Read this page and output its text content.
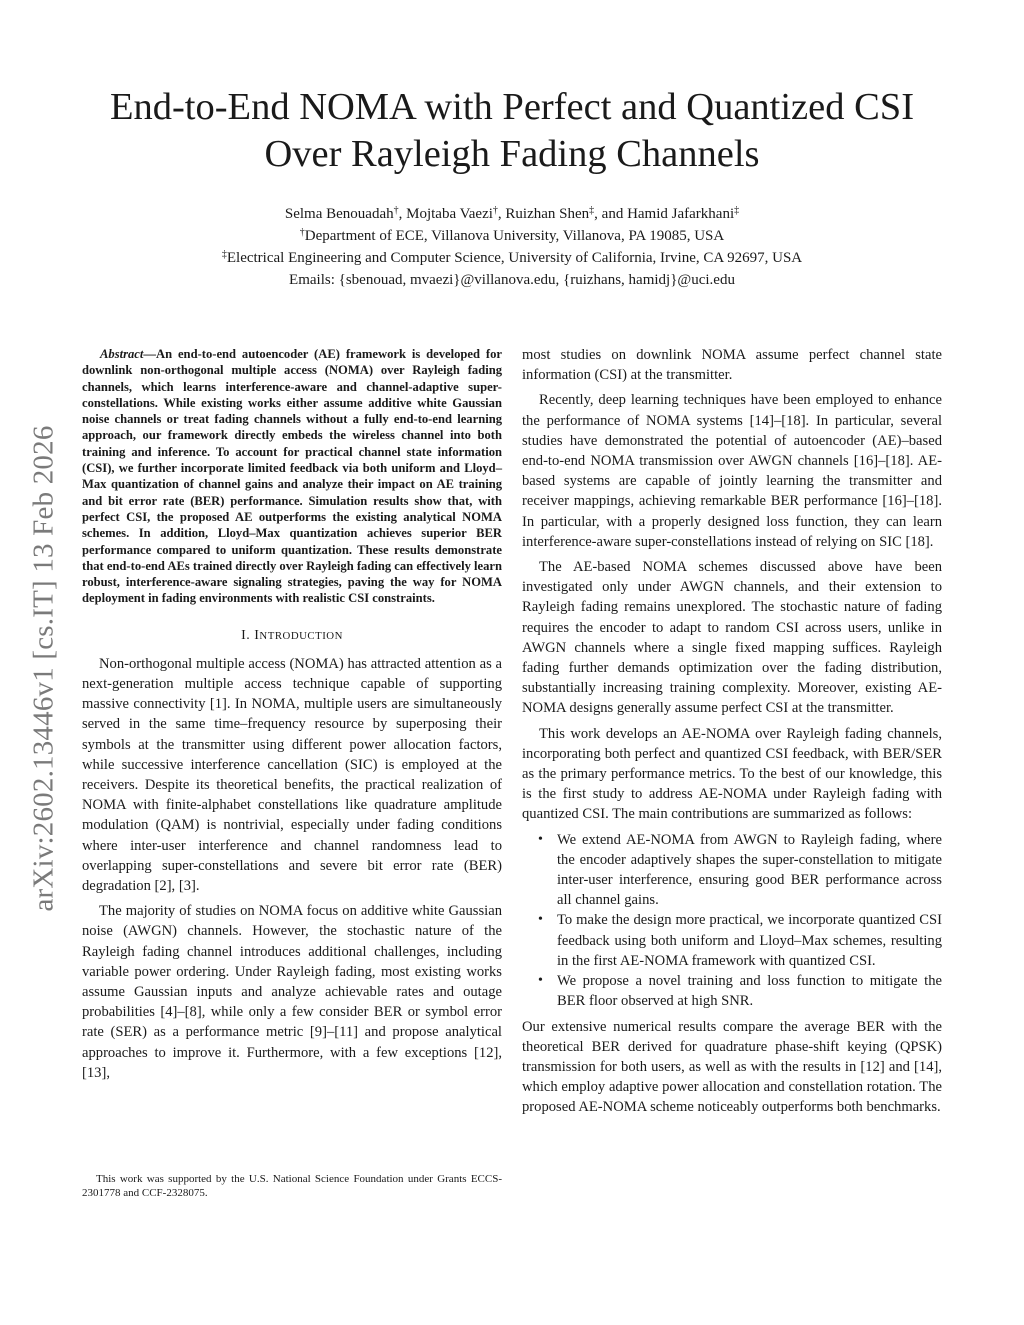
arXiv:2602.13446v1 [cs.IT] 13 Feb 2026
End-to-End NOMA with Perfect and Quantized CSI
Over Rayleigh Fading Channels
Selma Benouadah†, Mojtaba Vaezi†, Ruizhan Shen‡, and Hamid Jafarkhani‡
†Department of ECE, Villanova University, Villanova, PA 19085, USA
‡Electrical Engineering and Computer Science, University of California, Irvine, CA 92697, USA
Emails: {sbenouad, mvaezi}@villanova.edu, {ruizhans, hamidj}@uci.edu

Abstract—An end-to-end autoencoder (AE) framework is developed for downlink non-orthogonal multiple access (NOMA) over Rayleigh fading channels, which learns interference-aware and channel-adaptive super-constellations. While existing works either assume additive white Gaussian noise channels or treat fading channels without a fully end-to-end learning approach, our framework directly embeds the wireless channel into both training and inference. To account for practical channel state information (CSI), we further incorporate limited feedback via both uniform and Lloyd–Max quantization of channel gains and analyze their impact on AE training and bit error rate (BER) performance. Simulation results show that, with perfect CSI, the proposed AE outperforms the existing analytical NOMA schemes. In addition, Lloyd–Max quantization achieves superior BER performance compared to uniform quantization. These results demonstrate that end-to-end AEs trained directly over Rayleigh fading can effectively learn robust, interference-aware signaling strategies, paving the way for NOMA deployment in fading environments with realistic CSI constraints.

I. INTRODUCTION

Non-orthogonal multiple access (NOMA) has attracted attention as a next-generation multiple access technique capable of supporting massive connectivity [1]. In NOMA, multiple users are simultaneously served in the same time–frequency resource by superposing their symbols at the transmitter using different power allocation factors, while successive interference cancellation (SIC) is employed at the receivers. Despite its theoretical benefits, the practical realization of NOMA with finite-alphabet constellations like quadrature amplitude modulation (QAM) is nontrivial, especially under fading conditions where inter-user interference and channel randomness lead to overlapping super-constellations and severe bit error rate (BER) degradation [2], [3].

The majority of studies on NOMA focus on additive white Gaussian noise (AWGN) channels. However, the stochastic nature of the Rayleigh fading channel introduces additional challenges, including variable power ordering. Under Rayleigh fading, most existing works assume Gaussian inputs and analyze achievable rates and outage probabilities [4]–[8], while only a few consider BER or symbol error rate (SER) as a performance metric [9]–[11] and propose analytical approaches to improve it. Furthermore, with a few exceptions [12], [13],

This work was supported by the U.S. National Science Foundation under Grants ECCS-2301778 and CCF-2328075.

most studies on downlink NOMA assume perfect channel state information (CSI) at the transmitter.

Recently, deep learning techniques have been employed to enhance the performance of NOMA systems [14]–[18]. In particular, several studies have demonstrated the potential of autoencoder (AE)–based end-to-end NOMA transmission over AWGN channels [16]–[18]. AE-based systems are capable of jointly learning the transmitter and receiver mappings, achieving remarkable BER performance [16]–[18]. In particular, with a properly designed loss function, they can learn interference-aware super-constellations instead of relying on SIC [18].

The AE-based NOMA schemes discussed above have been investigated only under AWGN channels, and their extension to Rayleigh fading remains unexplored. The stochastic nature of fading requires the encoder to adapt to random CSI across users, unlike in AWGN channels where a single fixed mapping suffices. Rayleigh fading further demands optimization over the fading distribution, substantially increasing training complexity. Moreover, existing AE-NOMA designs generally assume perfect CSI at the transmitter.

This work develops an AE-NOMA over Rayleigh fading channels, incorporating both perfect and quantized CSI feedback, with BER/SER as the primary performance metrics. To the best of our knowledge, this is the first study to address AE-NOMA under Rayleigh fading with quantized CSI. The main contributions are summarized as follows:

• We extend AE-NOMA from AWGN to Rayleigh fading, where the encoder adaptively shapes the super-constellation to mitigate inter-user interference, ensuring good BER performance across all channel gains.
• To make the design more practical, we incorporate quantized CSI feedback using both uniform and Lloyd–Max schemes, resulting in the first AE-NOMA framework with quantized CSI.
• We propose a novel training and loss function to mitigate the BER floor observed at high SNR.

Our extensive numerical results compare the average BER with the theoretical BER derived for quadrature phase-shift keying (QPSK) transmission for both users, as well as with the results in [12] and [14], which employ adaptive power allocation and constellation rotation. The proposed AE-NOMA scheme noticeably outperforms both benchmarks.
